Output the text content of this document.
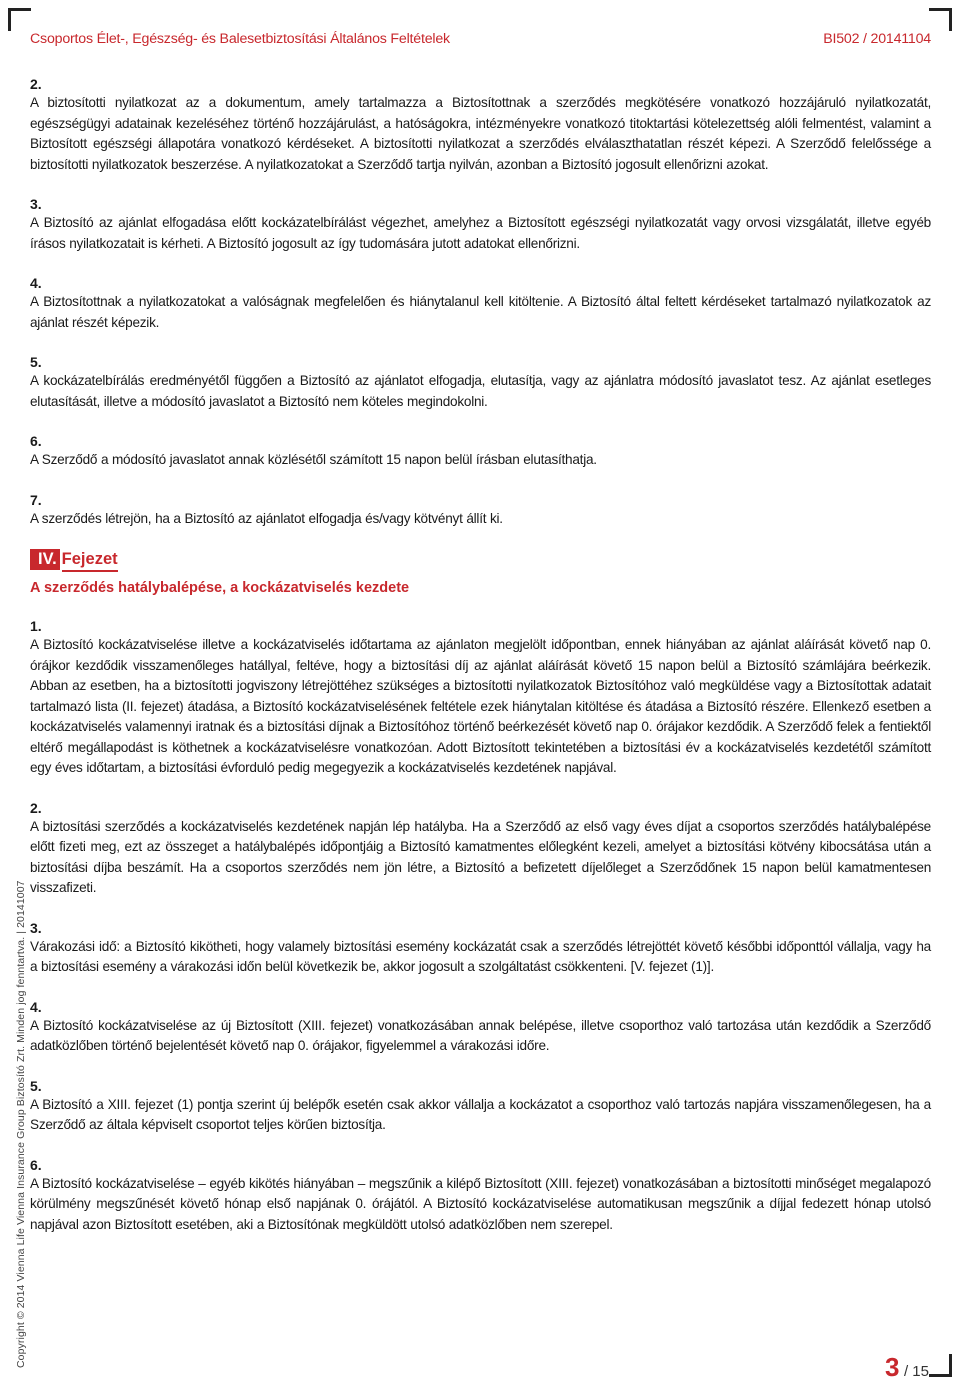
Csoportos Élet-, Egészség- és Balesetbiztosítási Általános Feltételek	BI502 / 20141104

2.

A biztosítotti nyilatkozat az a dokumentum, amely tartalmazza a Biztosítottnak a szerződés megkötésére vonatkozó hozzájáruló nyilatkozatát, egészségügyi adatainak kezeléséhez történő hozzájárulást, a hatóságokra, intézményekre vonatkozó titoktartási kötelezettség alóli felmentést, valamint a Biztosított egészségi állapotára vonatkozó kérdéseket. A biztosítotti nyilatkozat a szerződés elválaszthatatlan részét képezi. A Szerződő felelőssége a biztosítotti nyilatkozatok beszerzése. A nyilatkozatokat a Szerződő tartja nyilván, azonban a Biztosító jogosult ellenőrizni azokat.

3.

A Biztosító az ajánlat elfogadása előtt kockázatelbírálást végezhet, amelyhez a Biztosított egészségi nyilatkozatát vagy orvosi vizsgálatát, illetve egyéb írásos nyilatkozatait is kérheti. A Biztosító jogosult az így tudomására jutott adatokat ellenőrizni.

4.

A Biztosítottnak a nyilatkozatokat a valóságnak megfelelően és hiánytalanul kell kitöltenie. A Biztosító által feltett kérdéseket tartalmazó nyilatkozatok az ajánlat részét képezik.

5.

A kockázatelbírálás eredményétől függően a Biztosító az ajánlatot elfogadja, elutasítja, vagy az ajánlatra módosító javaslatot tesz. Az ajánlat esetleges elutasítását, illetve a módosító javaslatot a Biztosító nem köteles megindokolni.

6.

A Szerződő a módosító javaslatot annak közlésétől számított 15 napon belül írásban elutasíthatja.

7.

A szerződés létrejön, ha a Biztosító az ajánlatot elfogadja és/vagy kötvényt állít ki.

IV. Fejezet
A szerződés hatálybalépése, a kockázatviselés kezdete

1.

A Biztosító kockázatviselése illetve a kockázatviselés időtartama az ajánlaton megjelölt időpontban, ennek hiányában az ajánlat aláírását követő nap 0. órájkor kezdődik visszamenőleges hatállyal, feltéve, hogy a biztosítási díj az ajánlat aláírását követő 15 napon belül a Biztosító számlájára beérkezik. Abban az esetben, ha a biztosítotti jogviszony létrejöttéhez szükséges a biztosítotti nyilatkozatok Biztosítóhoz való megküldése vagy a Biztosítottak adatait tartalmazó lista (II. fejezet) átadása, a Biztosító kockázatviselésének feltétele ezek hiánytalan kitöltése és átadása a Biztosító részére. Ellenkező esetben a kockázatviselés valamennyi iratnak és a biztosítási díjnak a Biztosítóhoz történő beérkezését követő nap 0. órájakor kezdődik. A Szerződő felek a fentiektől eltérő megállapodást is köthetnek a kockázatviselésre vonatkozóan. Adott Biztosított tekintetében a biztosítási év a kockázatviselés kezdetétől számított egy éves időtartam, a biztosítási évforduló pedig megegyezik a kockázatviselés kezdetének napjával.

2.

A biztosítási szerződés a kockázatviselés kezdetének napján lép hatályba. Ha a Szerződő az első vagy éves díjat a csoportos szerződés hatálybalépése előtt fizeti meg, ezt az összeget a hatálybalépés időpontjáig a Biztosító kamatmentes előlegként kezeli, amelyet a biztosítási kötvény kibocsátása után a biztosítási díjba beszámít. Ha a csoportos szerződés nem jön létre, a Biztosító a befizetett díjelőleget a Szerződőnek 15 napon belül kamatmentesen visszafizeti.

3.

Várakozási idő: a Biztosító kikötheti, hogy valamely biztosítási esemény kockázatát csak a szerződés létrejöttét követő későbbi időponttól vállalja, vagy ha a biztosítási esemény a várakozási időn belül következik be, akkor jogosult a szolgáltatást csökkenteni. [V. fejezet (1)].

4.

A Biztosító kockázatviselése az új Biztosított (XIII. fejezet) vonatkozásában annak belépése, illetve csoporthoz való tartozása után kezdődik a Szerződő adatközlőben történő bejelentését követő nap 0. órájakor, figyelemmel a várakozási időre.

5.

A Biztosító a XIII. fejezet (1) pontja szerint új belépők esetén csak akkor vállalja a kockázatot a csoporthoz való tartozás napjára visszamenőlegesen, ha a Szerződő az általa képviselt csoportot teljes körűen biztosítja.

6.

A Biztosító kockázatviselése – egyéb kikötés hiányában – megszűnik a kilépő Biztosított (XIII. fejezet) vonatkozásában a biztosítotti minőséget megalapozó körülmény megszűnését követő hónap első napjának 0. órájától. A Biztosító kockázatviselése automatikusan megszűnik a díjjal fedezett hónap utolsó napjával azon Biztosított esetében, aki a Biztosítónak megküldött utolsó adatközlőben nem szerepel.

Copyright © 2014 Vienna Life Vienna Insurance Group Biztosító Zrt. Minden jog fenntartva. | 20141007	3 / 15
